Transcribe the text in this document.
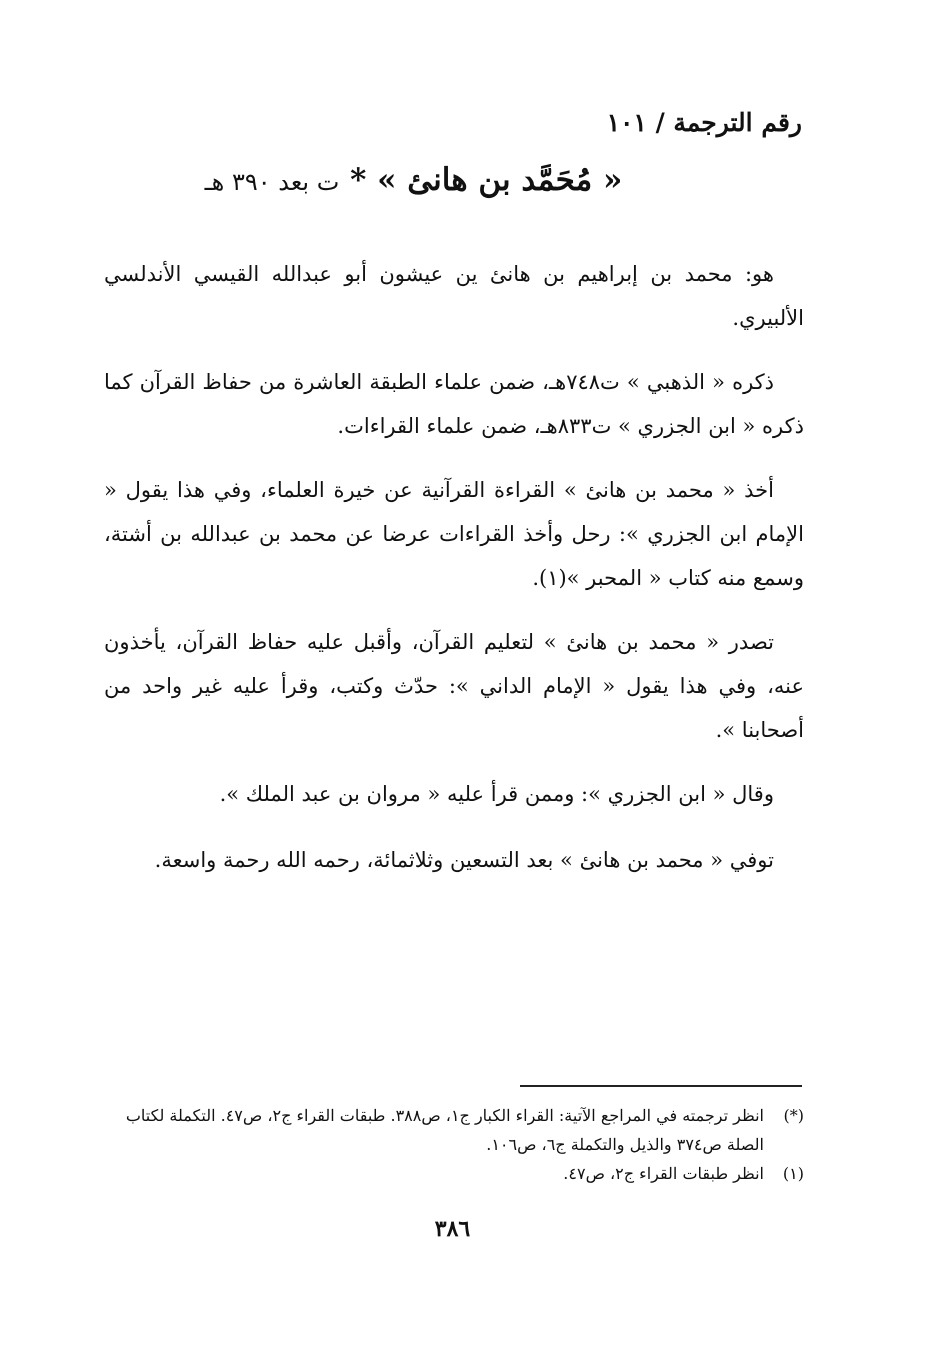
رقم الترجمة / ١٠١
« مُحَمَّد بن هانئ » * ت بعد ٣٩٠ هـ

هو: محمد بن إبراهيم بن هانئ ين عيشون أبو عبدالله القيسي الأندلسي الألبيري.

ذكره « الذهبي » ت٧٤٨هـ، ضمن علماء الطبقة العاشرة من حفاظ القرآن كما ذكره « ابن الجزري » ت٨٣٣هـ، ضمن علماء القراءات.

أخذ « محمد بن هانئ » القراءة القرآنية عن خيرة العلماء، وفي هذا يقول « الإمام ابن الجزري »: رحل وأخذ القراءات عرضا عن محمد بن عبدالله بن أشتة، وسمع منه كتاب « المحبر »(١).

تصدر « محمد بن هانئ » لتعليم القرآن، وأقبل عليه حفاظ القرآن، يأخذون عنه، وفي هذا يقول « الإمام الداني »: حدّث وكتب، وقرأ عليه غير واحد من أصحابنا ».

وقال « ابن الجزري »: وممن قرأ عليه « مروان بن عبد الملك ».

توفي « محمد بن هانئ » بعد التسعين وثلاثمائة، رحمه الله رحمة واسعة.

(*)
انظر ترجمته في المراجع الآتية: القراء الكبار ج١، ص٣٨٨. طبقات القراء ج٢، ص٤٧. التكملة لكتاب الصلة ص٣٧٤ والذيل والتكملة ج٦، ص١٠٦.
(١)
انظر طبقات القراء ج٢، ص٤٧.
٣٨٦
